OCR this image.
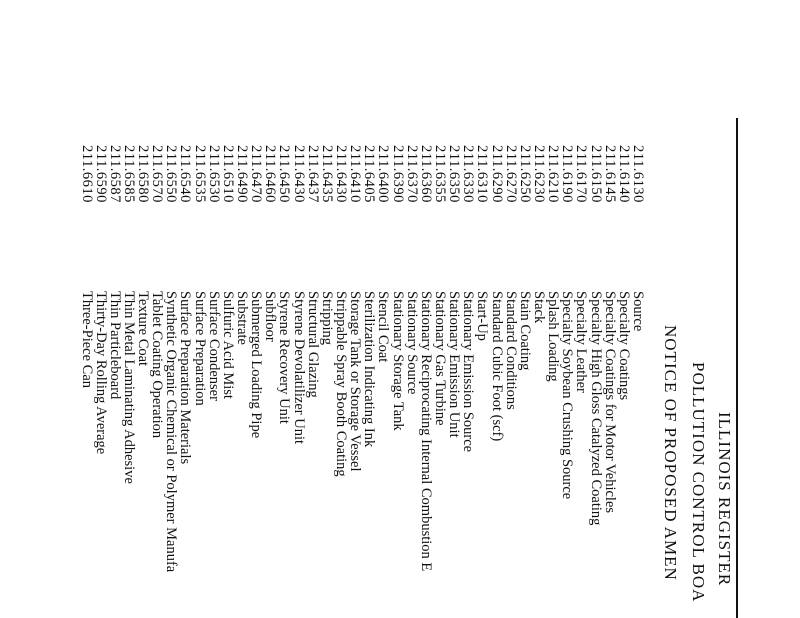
ILLINOIS REGISTER
POLLUTION CONTROL BOA
NOTICE OF PROPOSED AMEN
211.6130
Source
211.6140
Specialty Coatings
211.6145
Specialty Coatings for Motor Vehicles
211.6150
Specialty High Gloss Catalyzed Coating
211.6170
Specialty Leather
211.6190
Specialty Soybean Crushing Source
211.6210
Splash Loading
211.6230
Stack
211.6250
Stain Coating
211.6270
Standard Conditions
211.6290
Standard Cubic Foot (scf)
211.6310
Start-Up
211.6330
Stationary Emission Source
211.6350
Stationary Emission Unit
211.6355
Stationary Gas Turbine
211.6360
Stationary Reciprocating Internal Combustion E
211.6370
Stationary Source
211.6390
Stationary Storage Tank
211.6400
Stencil Coat
211.6405
Sterilization Indicating Ink
211.6410
Storage Tank or Storage Vessel
211.6430
Strippable Spray Booth Coating
211.6435
Stripping
211.6437
Structural Glazing
211.6430
Styrene Devolatilizer Unit
211.6450
Styrene Recovery Unit
211.6460
Subfloor
211.6470
Submerged Loading Pipe
211.6490
Substrate
211.6510
Sulfuric Acid Mist
211.6530
Surface Condenser
211.6535
Surface Preparation
211.6540
Surface Preparation Materials
211.6550
Synthetic Organic Chemical or Polymer Manufa
211.6570
Tablet Coating Operation
211.6580
Texture Coat
211.6585
Thin Metal Laminating Adhesive
211.6587
Thin Particleboard
211.6590
Thirty-Day Rolling Average
211.6610
Three-Piece Can
